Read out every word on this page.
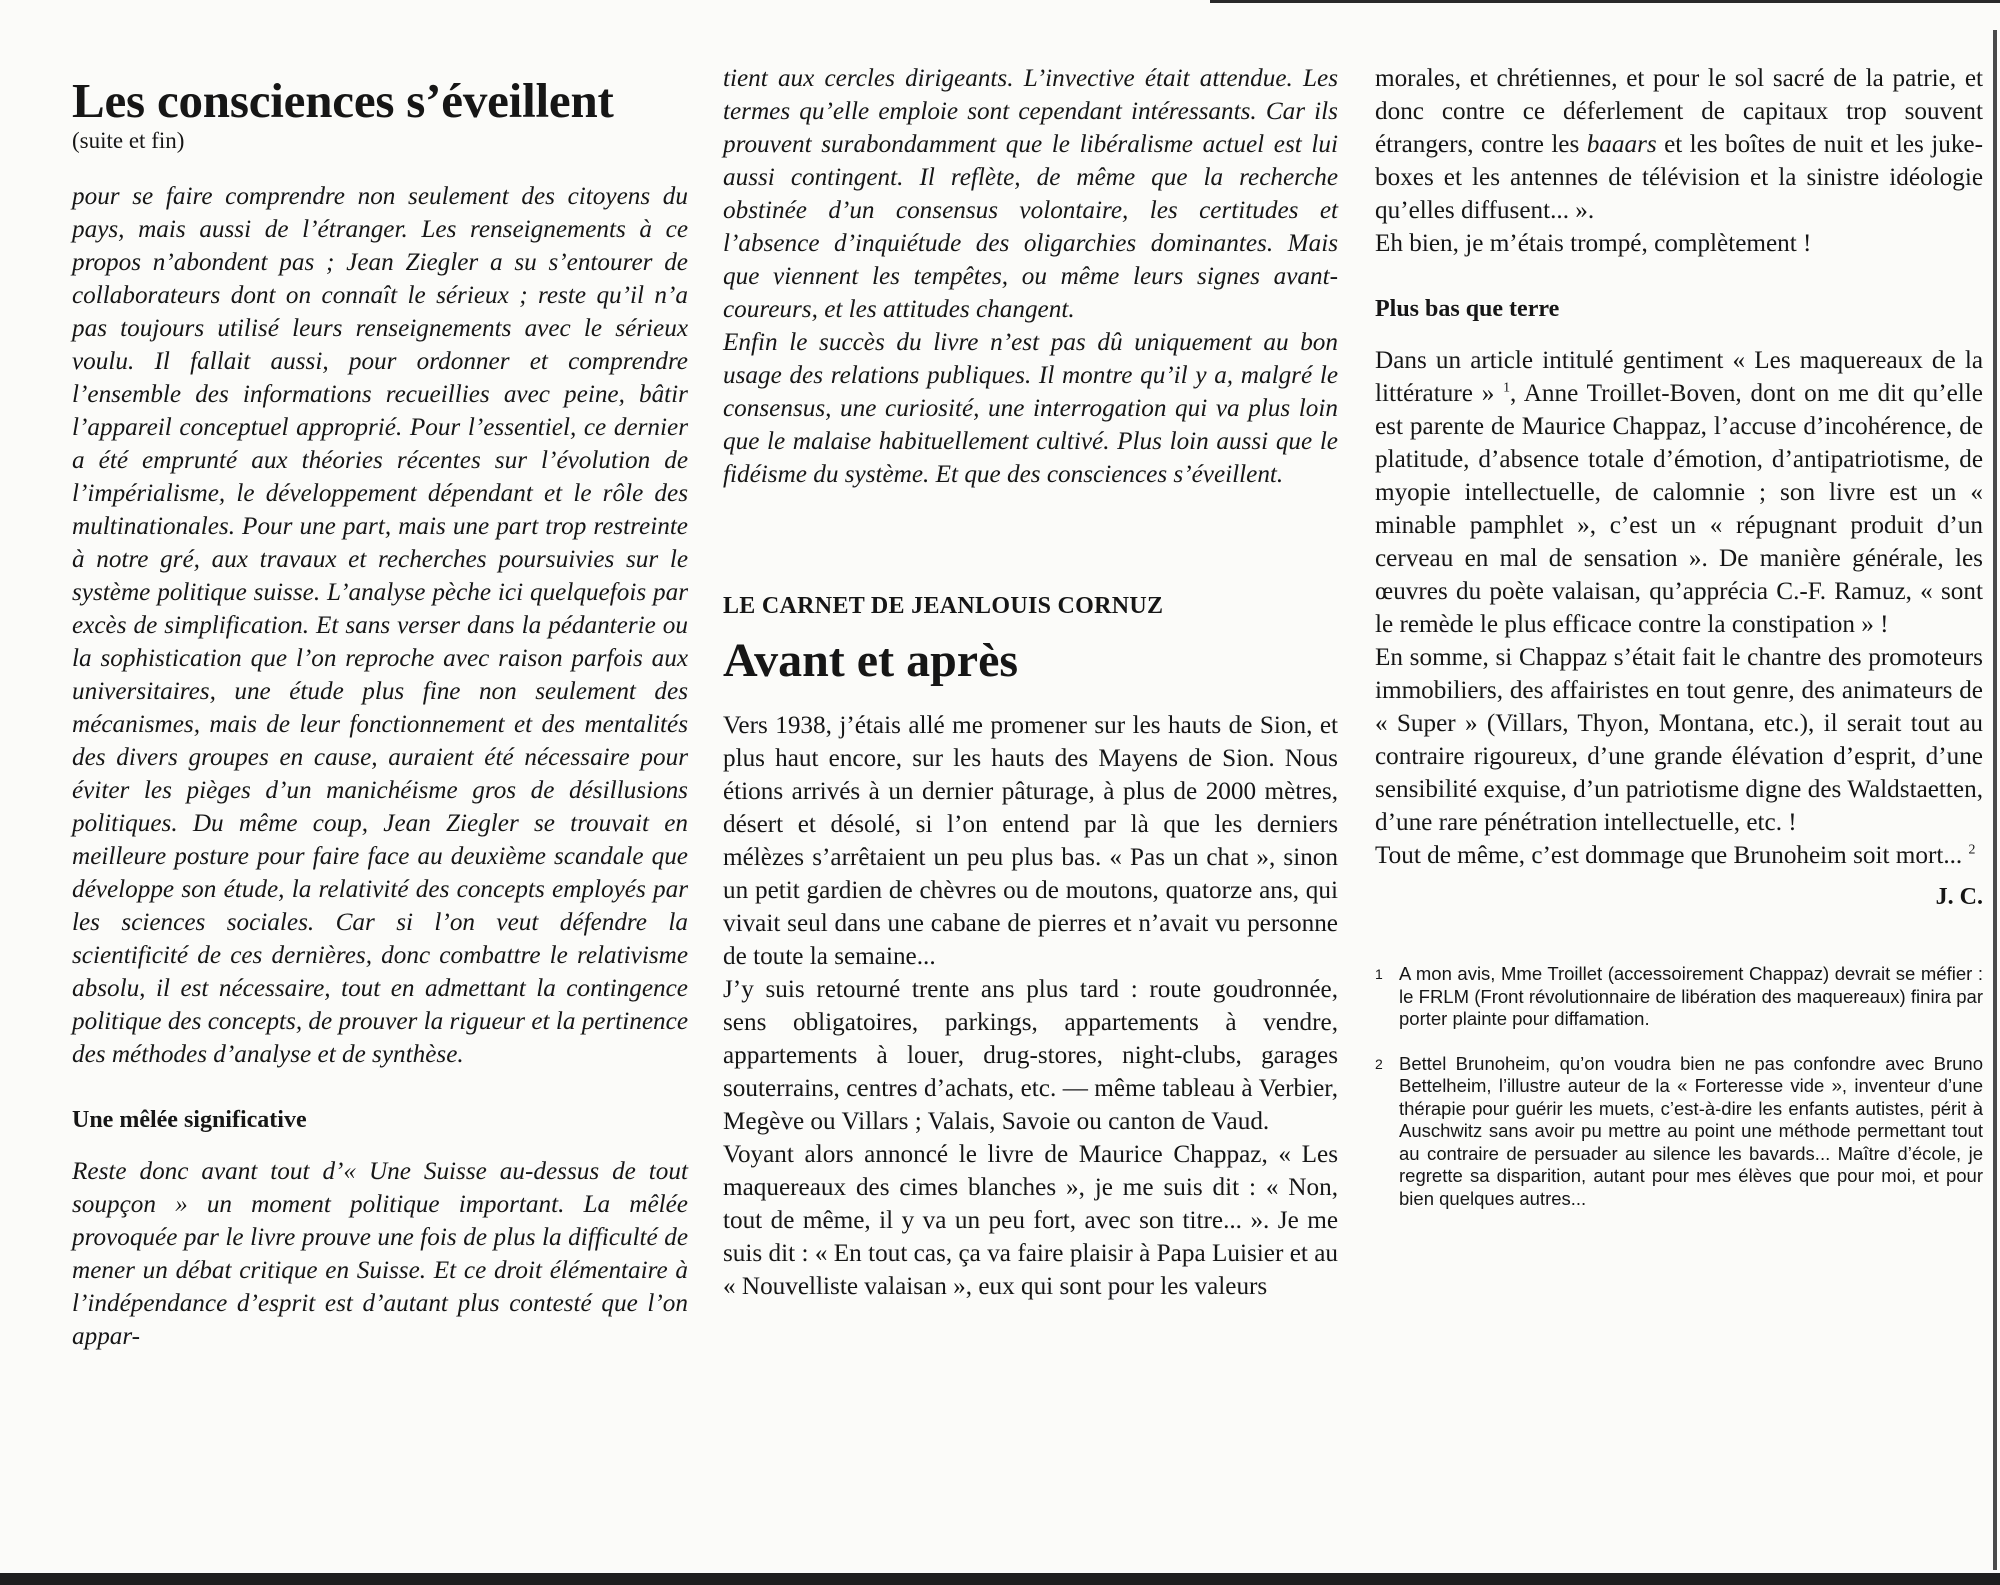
Les consciences s’éveillent
(suite et fin)

pour se faire comprendre non seulement des citoyens du pays, mais aussi de l’étranger. Les renseignements à ce propos n’abondent pas ; Jean Ziegler a su s’entourer de collaborateurs dont on connaît le sérieux ; reste qu’il n’a pas toujours utilisé leurs renseignements avec le sérieux voulu. Il fallait aussi, pour ordonner et comprendre l’ensemble des informations recueillies avec peine, bâtir l’appareil conceptuel approprié. Pour l’essentiel, ce dernier a été emprunté aux théories récentes sur l’évolution de l’impérialisme, le développement dépendant et le rôle des multinationales. Pour une part, mais une part trop restreinte à notre gré, aux travaux et recherches poursuivies sur le système politique suisse. L’analyse pèche ici quelquefois par excès de simplification. Et sans verser dans la pédanterie ou la sophistication que l’on reproche avec raison parfois aux universitaires, une étude plus fine non seulement des mécanismes, mais de leur fonctionnement et des mentalités des divers groupes en cause, auraient été nécessaire pour éviter les pièges d’un manichéisme gros de désillusions politiques. Du même coup, Jean Ziegler se trouvait en meilleure posture pour faire face au deuxième scandale que développe son étude, la relativité des concepts employés par les sciences sociales. Car si l’on veut défendre la scientificité de ces dernières, donc combattre le relativisme absolu, il est nécessaire, tout en admettant la contingence politique des concepts, de prouver la rigueur et la pertinence des méthodes d’analyse et de synthèse.

Une mêlée significative

Reste donc avant tout d’« Une Suisse au-dessus de tout soupçon » un moment politique important. La mêlée provoquée par le livre prouve une fois de plus la difficulté de mener un débat critique en Suisse. Et ce droit élémentaire à l’indépendance d’esprit est d’autant plus contesté que l’on appar-

tient aux cercles dirigeants. L’invective était attendue. Les termes qu’elle emploie sont cependant intéressants. Car ils prouvent surabondamment que le libéralisme actuel est lui aussi contingent. Il reflète, de même que la recherche obstinée d’un consensus volontaire, les certitudes et l’absence d’inquiétude des oligarchies dominantes. Mais que viennent les tempêtes, ou même leurs signes avant-coureurs, et les attitudes changent.

Enfin le succès du livre n’est pas dû uniquement au bon usage des relations publiques. Il montre qu’il y a, malgré le consensus, une curiosité, une interrogation qui va plus loin que le malaise habituellement cultivé. Plus loin aussi que le fidéisme du système. Et que des consciences s’éveillent.

LE CARNET DE JEANLOUIS CORNUZ
Avant et après

Vers 1938, j’étais allé me promener sur les hauts de Sion, et plus haut encore, sur les hauts des Mayens de Sion. Nous étions arrivés à un dernier pâturage, à plus de 2000 mètres, désert et désolé, si l’on entend par là que les derniers mélèzes s’arrêtaient un peu plus bas. « Pas un chat », sinon un petit gardien de chèvres ou de moutons, quatorze ans, qui vivait seul dans une cabane de pierres et n’avait vu personne de toute la semaine...

J’y suis retourné trente ans plus tard : route goudronnée, sens obligatoires, parkings, appartements à vendre, appartements à louer, drug-stores, night-clubs, garages souterrains, centres d’achats, etc. — même tableau à Verbier, Megève ou Villars ; Valais, Savoie ou canton de Vaud.

Voyant alors annoncé le livre de Maurice Chappaz, « Les maquereaux des cimes blanches », je me suis dit : « Non, tout de même, il y va un peu fort, avec son titre... ». Je me suis dit : « En tout cas, ça va faire plaisir à Papa Luisier et au « Nouvelliste valaisan », eux qui sont pour les valeurs

morales, et chrétiennes, et pour le sol sacré de la patrie, et donc contre ce déferlement de capitaux trop souvent étrangers, contre les baaars et les boîtes de nuit et les juke-boxes et les antennes de télévision et la sinistre idéologie qu’elles diffusent... ».

Eh bien, je m’étais trompé, complètement !

Plus bas que terre

Dans un article intitulé gentiment « Les maquereaux de la littérature » $^1$, Anne Troillet-Boven, dont on me dit qu’elle est parente de Maurice Chappaz, l’accuse d’incohérence, de platitude, d’absence totale d’émotion, d’antipatriotisme, de myopie intellectuelle, de calomnie ; son livre est un « minable pamphlet », c’est un « répugnant produit d’un cerveau en mal de sensation ». De manière générale, les œuvres du poète valaisan, qu’apprécia C.-F. Ramuz, « sont le remède le plus efficace contre la constipation » !

En somme, si Chappaz s’était fait le chantre des promoteurs immobiliers, des affairistes en tout genre, des animateurs de « Super » (Villars, Thyon, Montana, etc.), il serait tout au contraire rigoureux, d’une grande élévation d’esprit, d’une sensibilité exquise, d’un patriotisme digne des Waldstaetten, d’une rare pénétration intellectuelle, etc. !

Tout de même, c’est dommage que Brunoheim soit mort... $^2$

J. C.
1 A mon avis, Mme Troillet (accessoirement Chappaz) devrait se méfier : le FRLM (Front révolutionnaire de libération des maquereaux) finira par porter plainte pour diffamation.
2 Bettel Brunoheim, qu’on voudra bien ne pas confondre avec Bruno Bettelheim, l’illustre auteur de la « Forteresse vide », inventeur d’une thérapie pour guérir les muets, c’est-à-dire les enfants autistes, périt à Auschwitz sans avoir pu mettre au point une méthode permettant tout au contraire de persuader au silence les bavards... Maître d’école, je regrette sa disparition, autant pour mes élèves que pour moi, et pour bien quelques autres...
